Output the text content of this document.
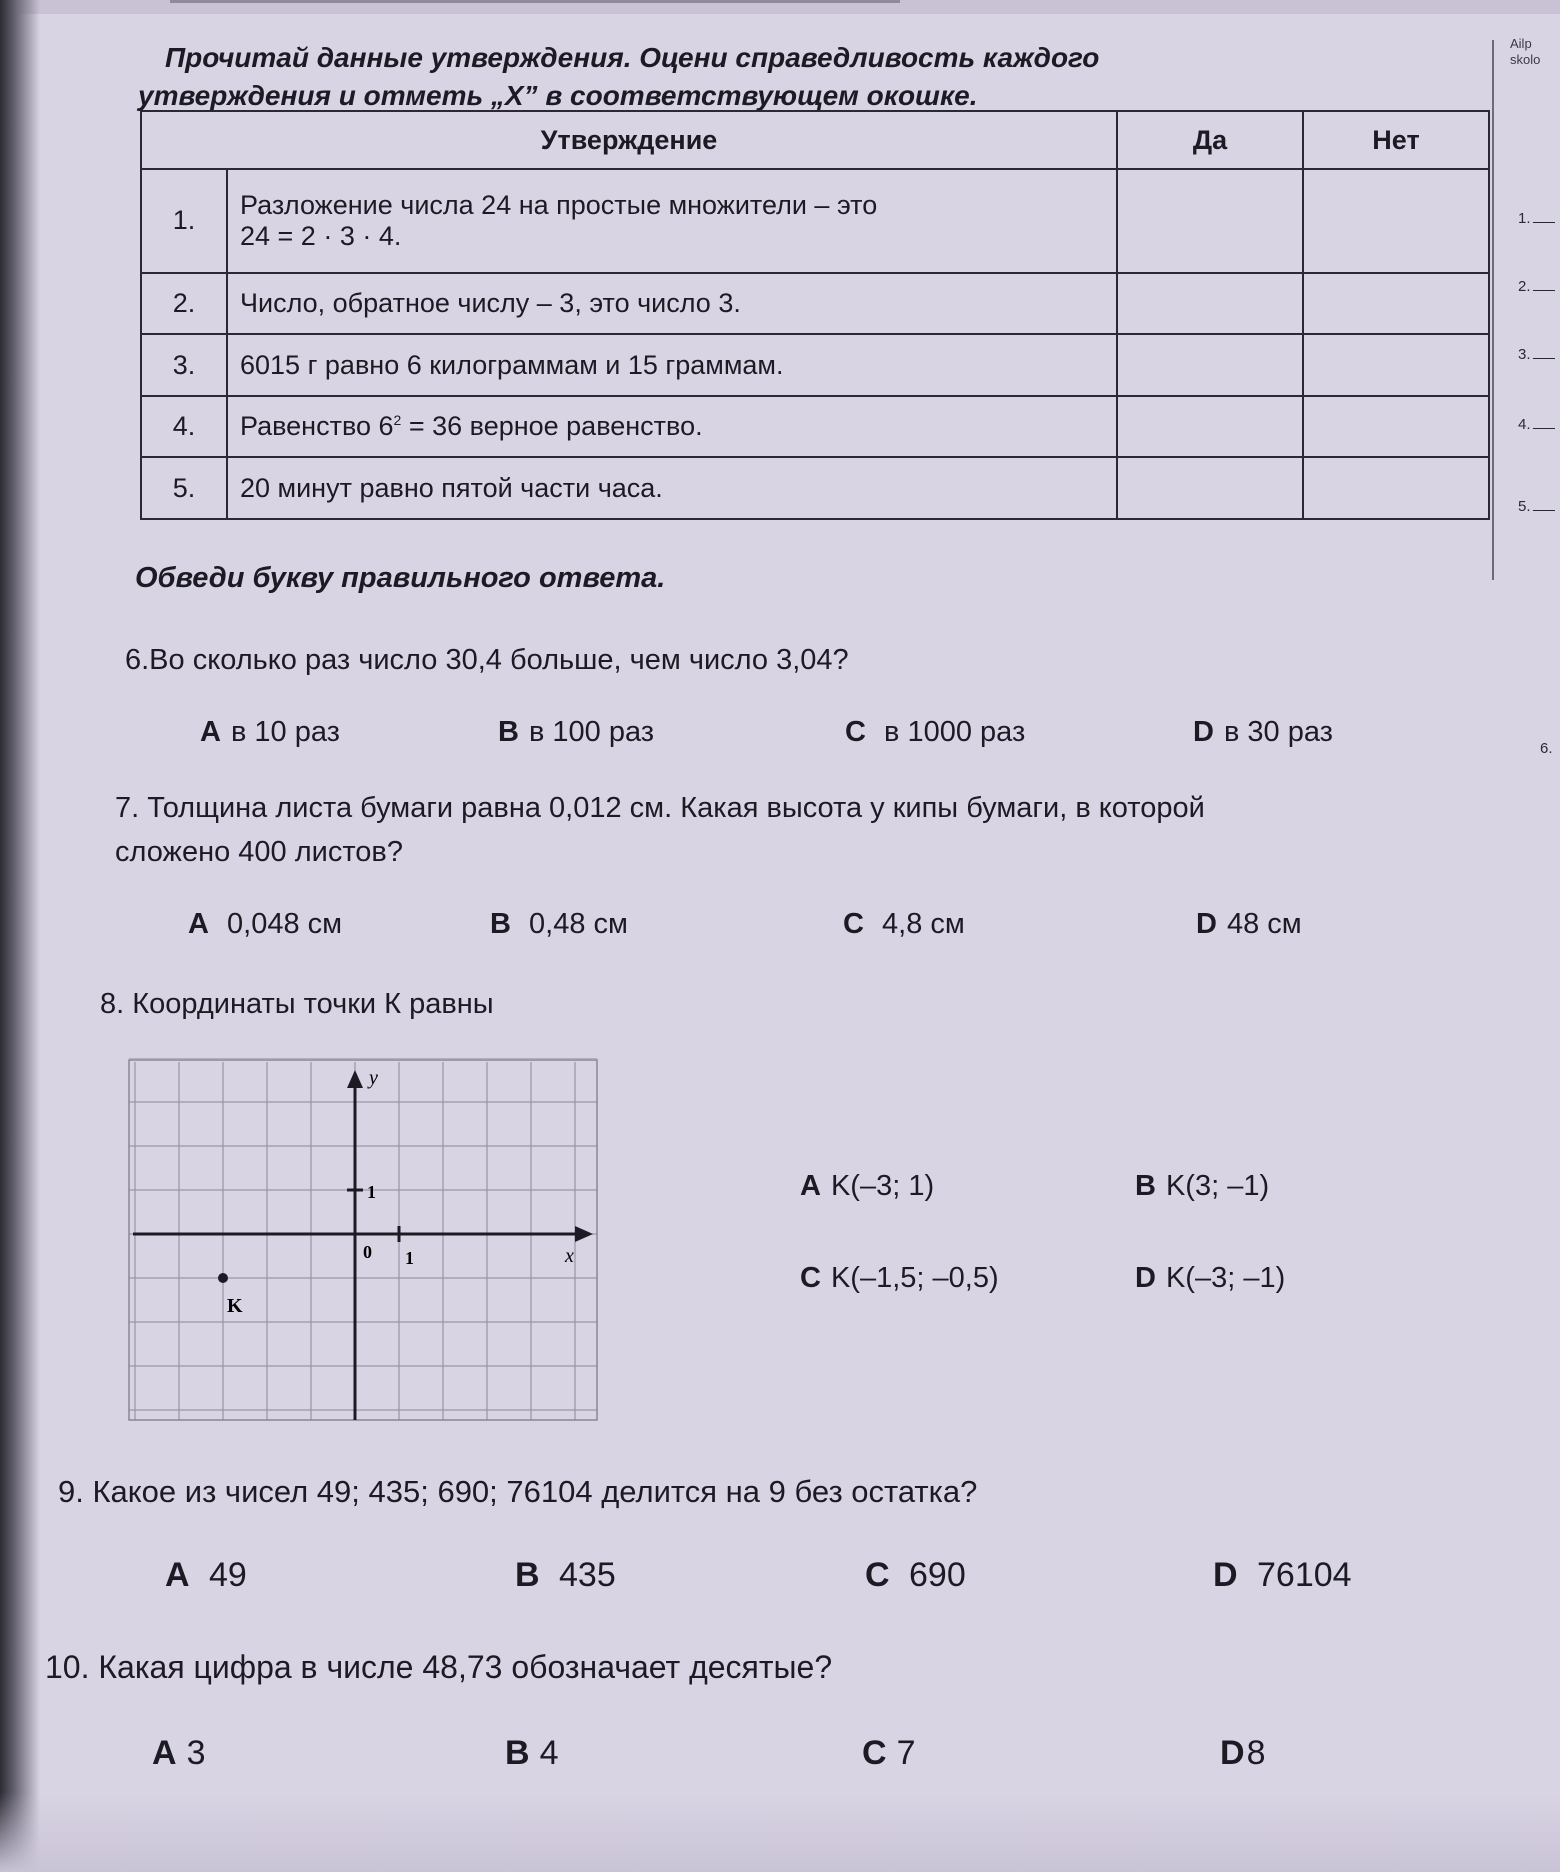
Прочитай данные утверждения. Оцени справедливость каждого
утверждения и отметь „X” в соответствующем окошке.
Утверждение		Да	Нет
1.	Разложение числа 24 на простые множители – это
24 = 2 · 3 · 4.		

2.	Число, обратное числу – 3, это число 3.		
3.	6015 г равно 6 килограммам и 15 граммам.		
4.	Равенство $6^2 = 36$ верное равенство.		
5.	20 минут равно пятой части часа.		
Ailp
skolo
1.
2.
3.
4.
5.
6.
Обведи букву правильного ответа.
6.Во сколько раз число 30,4 больше, чем число 3,04?
A в 10 раз	B в 100 раз	C в 1000 раз	D в 30 раз
7. Толщина листа бумаги равна 0,012 см. Какая высота у кипы бумаги, в которой
сложено 400 листов?
A 0,048 см	B 0,48 см	C 4,8 см	D 48 см
8. Координаты точки К равны
y
x
1
1
0
K
A K(–3; 1)	B K(3; –1)
C K(–1,5; –0,5)	D K(–3; –1)
9. Какое из чисел 49; 435; 690; 76104 делится на 9 без остатка?
A 49	B 435	C 690	D 76104
10. Какая цифра в числе 48,73 обозначает десятые?
A 3	B 4	C 7	D8
